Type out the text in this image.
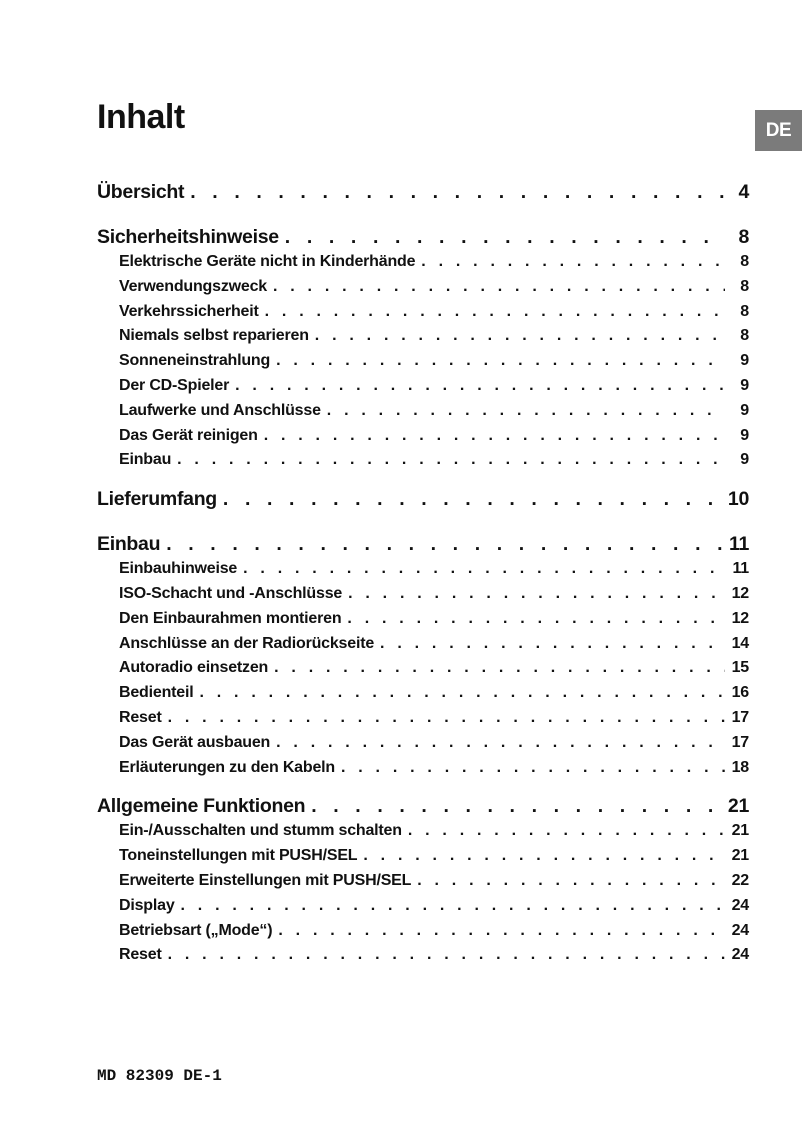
Inhalt	DE
Übersicht . . .	4
Sicherheitshinweise . . .	8
Elektrische Geräte nicht in Kinderhände . . .	8
Verwendungszweck . . .	8
Verkehrssicherheit . . .	8
Niemals selbst reparieren . . .	8
Sonneneinstrahlung . . .	9
Der CD-Spieler . . .	9
Laufwerke und Anschlüsse . . .	9
Das Gerät reinigen . . .	9
Einbau . . .	9
Lieferumfang . . .	10
Einbau . . .	11
Einbauhinweise . . .	11
ISO-Schacht und -Anschlüsse . . .	12
Den Einbaurahmen montieren . . .	12
Anschlüsse an der Radiorückseite . . .	14
Autoradio einsetzen . . .	15
Bedienteil . . .	16
Reset . . .	17
Das Gerät ausbauen . . .	17
Erläuterungen zu den Kabeln . . .	18
Allgemeine Funktionen . . .	21
Ein-/Ausschalten und stumm schalten . . .	21
Toneinstellungen mit PUSH/SEL . . .	21
Erweiterte Einstellungen mit PUSH/SEL . . .	22
Display . . .	24
Betriebsart („Mode“) . . .	24
Reset . . .	24
MD 82309 DE-1
